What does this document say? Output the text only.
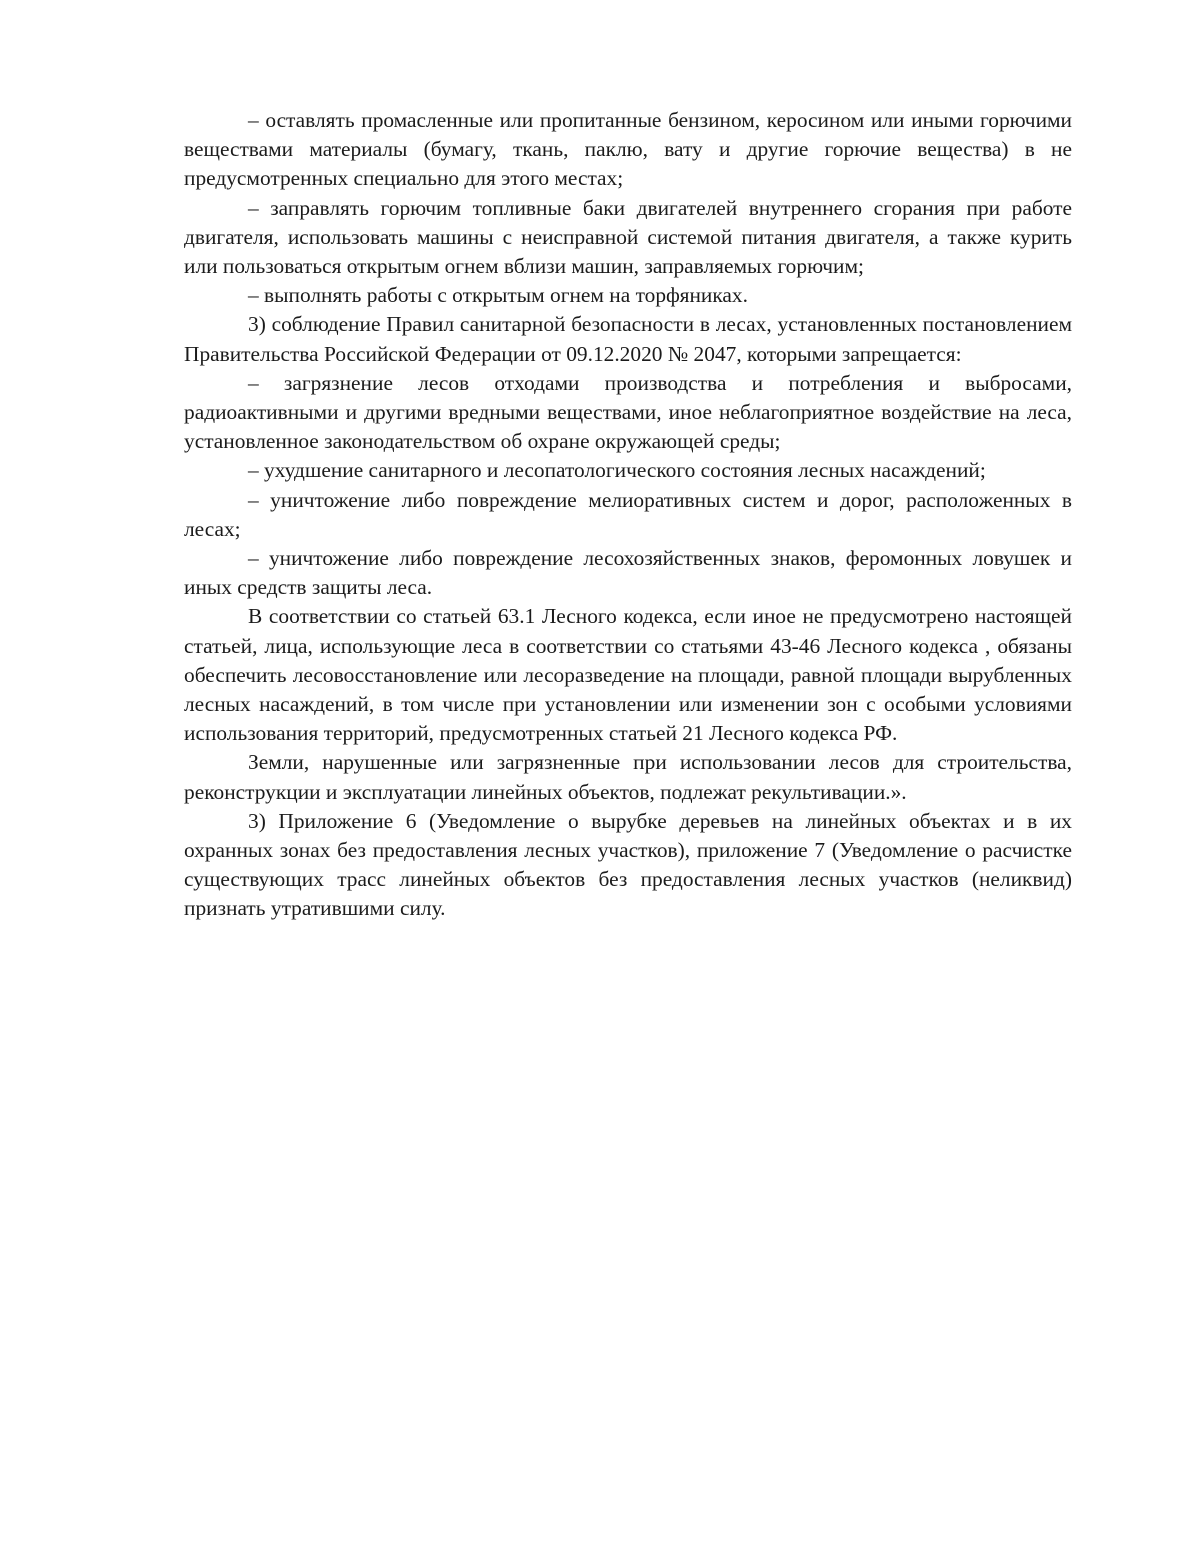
– оставлять промасленные или пропитанные бензином, керосином или иными горючими веществами материалы (бумагу, ткань, паклю, вату и другие горючие вещества) в не предусмотренных специально для этого местах;

– заправлять горючим топливные баки двигателей внутреннего сгорания при работе двигателя, использовать машины с неисправной системой питания двигателя, а также курить или пользоваться открытым огнем вблизи машин, заправляемых горючим;

– выполнять работы с открытым огнем на торфяниках.

3) соблюдение Правил санитарной безопасности в лесах, установленных постановлением Правительства Российской Федерации от 09.12.2020 № 2047, которыми запрещается:

– загрязнение лесов отходами производства и потребления и выбросами, радиоактивными и другими вредными веществами, иное неблагоприятное воздействие на леса, установленное законодательством об охране окружающей среды;

– ухудшение санитарного и лесопатологического состояния лесных насаждений;

– уничтожение либо повреждение мелиоративных систем и дорог, расположенных в лесах;

– уничтожение либо повреждение лесохозяйственных знаков, феромонных ловушек и иных средств защиты леса.

В соответствии со статьей 63.1 Лесного кодекса, если иное не предусмотрено настоящей статьей, лица, использующие леса в соответствии со статьями 43-46 Лесного кодекса , обязаны обеспечить лесовосстановление или лесоразведение на площади, равной площади вырубленных лесных насаждений, в том числе при установлении или изменении зон с особыми условиями использования территорий, предусмотренных статьей 21 Лесного кодекса РФ.

Земли, нарушенные или загрязненные при использовании лесов для строительства, реконструкции и эксплуатации линейных объектов, подлежат рекультивации.».

3) Приложение 6 (Уведомление о вырубке деревьев на линейных объектах и в их охранных зонах без предоставления лесных участков), приложение 7 (Уведомление о расчистке существующих трасс линейных объектов без предоставления лесных участков (неликвид) признать утратившими силу.
